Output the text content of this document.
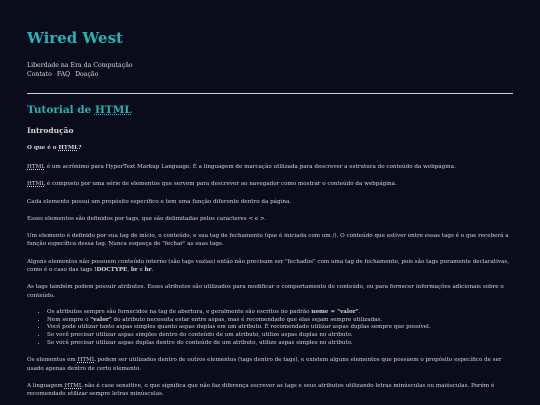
Wired West
Liberdade na Era da Computação
Contato FAQ Doação
Tutorial de HTML
Introdução
O que é o HTML?

HTML é um acrônimo para HyperText Markup Language. É a linguagem de marcação utilizada para descrever a estrutura do conteúdo da webpágina.

HTML é composto por uma série de elementos que servem para descrever ao navegador como mostrar o conteúdo da webpágina.

Cada elemento possui um propósito específico e tem uma função diferente dentro da página.

Esses elementos são definidos por tags, que são delimitadas pelos caracteres < e >.

Um elemento é definido por sua tag de início, o conteúdo, e sua tag de fechamento (que é iniciada com um /). O conteúdo que estiver entre essas tags é o que receberá a função específica dessa tag. Nunca esqueça de "fechar" as suas tags.

Alguns elementos não possuem conteúdo interno (são tags vazias) então não precisam ser "fechados" com uma tag de fechamento, pois são tags puramente declarativas, como é o caso das tags !DOCTYPE, br e hr.

As tags também podem possuir atributos. Esses atributos são utilizados para modificar o comportamento do conteúdo, ou para fornecer informações adicionais sobre o conteúdo.

• Os atributos sempre são fornecidos na tag de abertura, e geralmente são escritos no padrão nome = "valor".
• Nem sempre o "valor" do atributo necessita estar entre aspas, mas é recomendado que elas sejam sempre utilizadas.
• Você pode utilizar tanto aspas simples quanto aspas duplas em um atributo. É recomendado utilizar aspas duplas sempre que possível.
• Se você precisar utilizar aspas simples dentro do conteúdo de um atributo, utilize aspas duplas no atributo.
• Se você precisar utilizar aspas duplas dentro do conteúdo de um atributo, utilize aspas simples no atributo.

Os elementos em HTML podem ser utilizados dentro de outros elementos (tags dentro de tags), e existem alguns elementos que possuem o propósito específico de ser usado apenas dentro de certo elemento.

A linguagem HTML não é case sensitive, o que significa que não faz diferença escrever as tags e seus atributos utilizando letras minúsculas ou maiúsculas. Porém é recomendado utilizar sempre letras minúsculas.
